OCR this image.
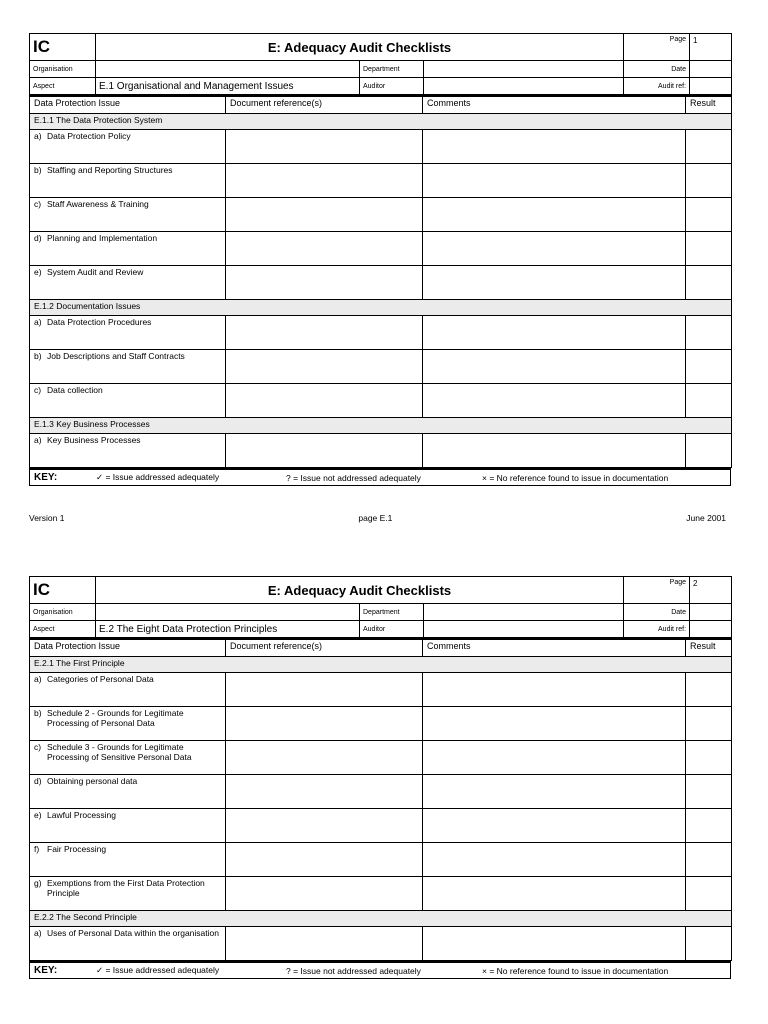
IC	E: Adequacy Audit Checklists			Page	1
Organisation		Department		Date	
Aspect	E.1 Organisational and Management Issues	Auditor		Audit ref:	
Data Protection Issue	Document reference(s)	Comments	Result
E.1.1 The Data Protection System			

a) Data Protection Policy			

b) Staffing and Reporting Structures			

c) Staff Awareness & Training			

d) Planning and Implementation			

e) System Audit and Review			

E.1.2 Documentation Issues			

a) Data Protection Procedures			

b) Job Descriptions and Staff Contracts			

c) Data collection			

E.1.3 Key Business Processes			

a) Key Business Processes			

KEY:	✓ = Issue addressed adequately	? = Issue not addressed adequately	× = No reference found to issue in documentation
Version 1	page E.1	June 2001
IC	E: Adequacy Audit Checklists			Page	2
Organisation		Department		Date	
Aspect	E.2 The Eight Data Protection Principles	Auditor		Audit ref:	
Data Protection Issue	Document reference(s)	Comments	Result
E.2.1 The First Principle			

a) Categories of Personal Data			

b) Schedule 2 - Grounds for Legitimate Processing of Personal Data			

c) Schedule 3 - Grounds for Legitimate Processing of Sensitive Personal Data			

d) Obtaining personal data			

e) Lawful Processing			

f) Fair Processing			

g) Exemptions from the First Data Protection Principle			

E.2.2 The Second Principle			

a) Uses of Personal Data within the organisation			

KEY:	✓ = Issue addressed adequately	? = Issue not addressed adequately	× = No reference found to issue in documentation
